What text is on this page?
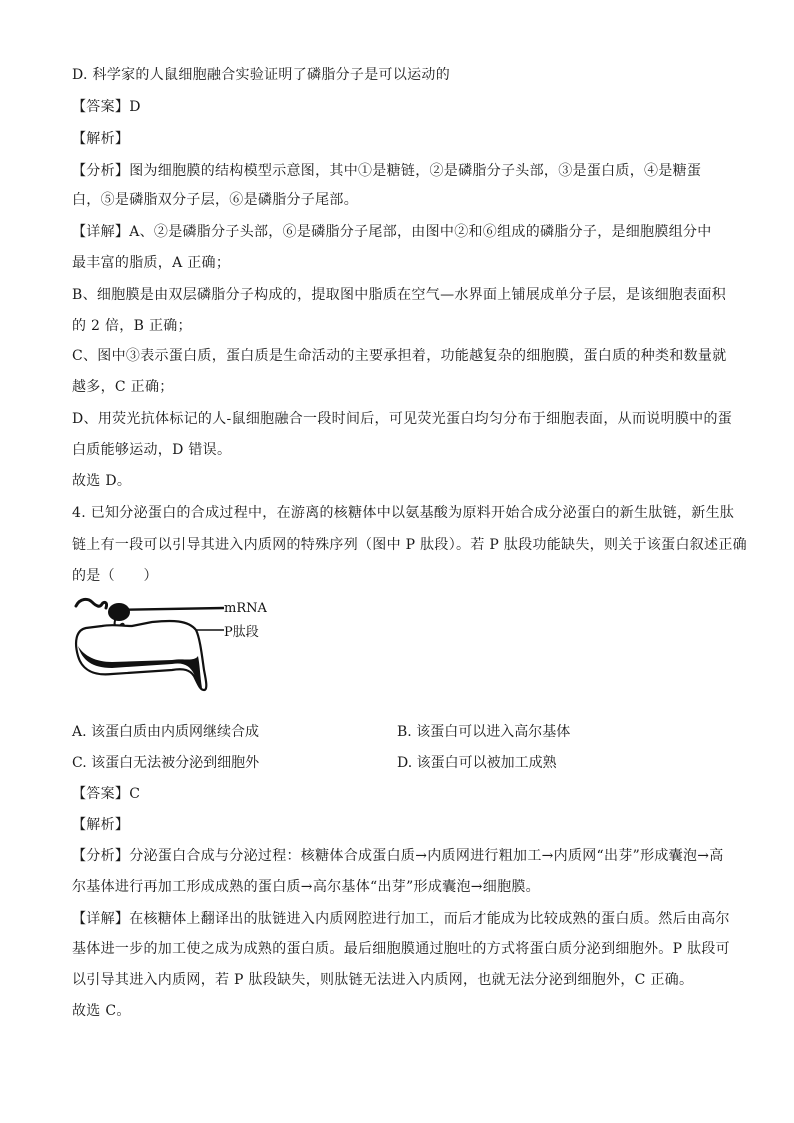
D. 科学家的人鼠细胞融合实验证明了磷脂分子是可以运动的
【答案】D
【解析】
【分析】图为细胞膜的结构模型示意图，其中①是糖链，②是磷脂分子头部，③是蛋白质，④是糖蛋
白，⑤是磷脂双分子层，⑥是磷脂分子尾部。
【详解】A、②是磷脂分子头部，⑥是磷脂分子尾部，由图中②和⑥组成的磷脂分子，是细胞膜组分中
最丰富的脂质，A 正确；
B、细胞膜是由双层磷脂分子构成的，提取图中脂质在空气—水界面上铺展成单分子层，是该细胞表面积
的 2 倍，B 正确；
C、图中③表示蛋白质，蛋白质是生命活动的主要承担着，功能越复杂的细胞膜，蛋白质的种类和数量就
越多，C 正确；
D、用荧光抗体标记的人-鼠细胞融合一段时间后，可见荧光蛋白均匀分布于细胞表面，从而说明膜中的蛋
白质能够运动，D 错误。
故选 D。
4. 已知分泌蛋白的合成过程中，在游离的核糖体中以氨基酸为原料开始合成分泌蛋白的新生肽链，新生肽
链上有一段可以引导其进入内质网的特殊序列（图中 P 肽段）。若 P 肽段功能缺失，则关于该蛋白叙述正确
的是（　　）
mRNA
P肽段
A. 该蛋白质由内质网继续合成	B. 该蛋白可以进入高尔基体
C. 该蛋白无法被分泌到细胞外	D. 该蛋白可以被加工成熟
【答案】C
【解析】
【分析】分泌蛋白合成与分泌过程：核糖体合成蛋白质→内质网进行粗加工→内质网“出芽”形成囊泡→高
尔基体进行再加工形成成熟的蛋白质→高尔基体“出芽”形成囊泡→细胞膜。
【详解】在核糖体上翻译出的肽链进入内质网腔进行加工，而后才能成为比较成熟的蛋白质。然后由高尔
基体进一步的加工使之成为成熟的蛋白质。最后细胞膜通过胞吐的方式将蛋白质分泌到细胞外。P 肽段可
以引导其进入内质网，若 P 肽段缺失，则肽链无法进入内质网，也就无法分泌到细胞外，C 正确。
故选 C。
